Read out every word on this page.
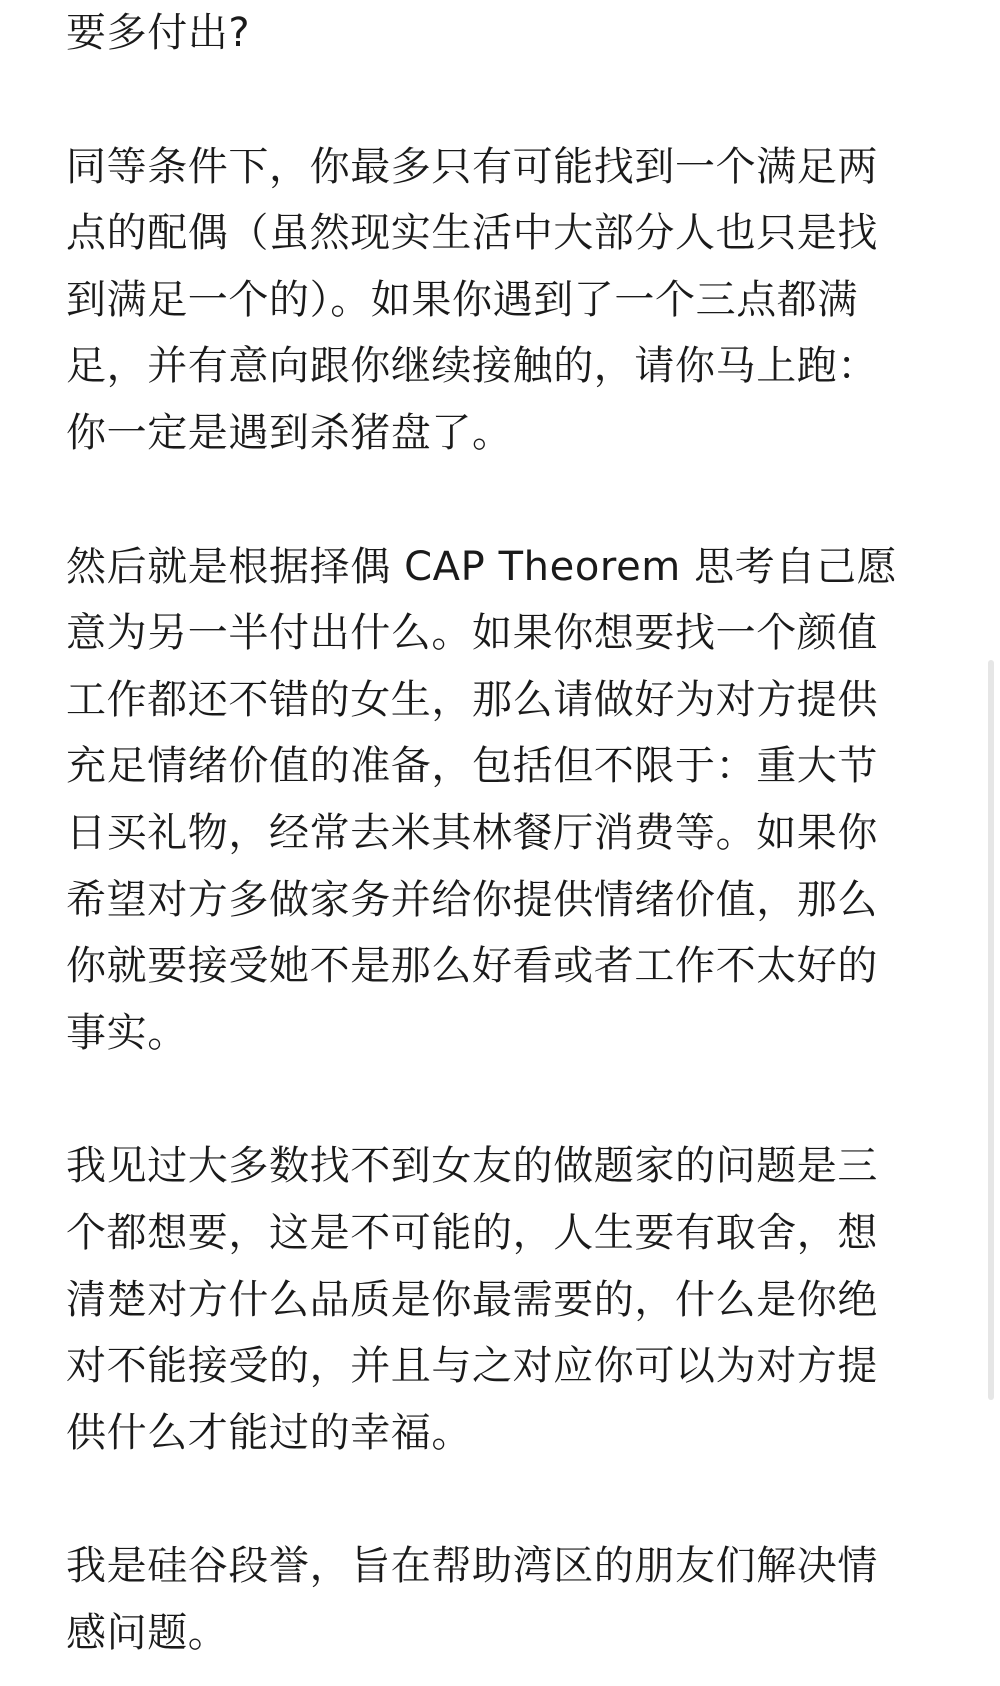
要多付出?

同等条件下，你最多只有可能找到一个满足两
点的配偶（虽然现实生活中大部分人也只是找
到满足一个的）。如果你遇到了一个三点都满
足，并有意向跟你继续接触的，请你马上跑：
你一定是遇到杀猪盘了。

然后就是根据择偶 CAP Theorem 思考自己愿
意为另一半付出什么。如果你想要找一个颜值
工作都还不错的女生，那么请做好为对方提供
充足情绪价值的准备，包括但不限于：重大节
日买礼物，经常去米其林餐厅消费等。如果你
希望对方多做家务并给你提供情绪价值，那么
你就要接受她不是那么好看或者工作不太好的
事实。

我见过大多数找不到女友的做题家的问题是三
个都想要，这是不可能的，人生要有取舍，想
清楚对方什么品质是你最需要的，什么是你绝
对不能接受的，并且与之对应你可以为对方提
供什么才能过的幸福。

我是硅谷段誉，旨在帮助湾区的朋友们解决情
感问题。
